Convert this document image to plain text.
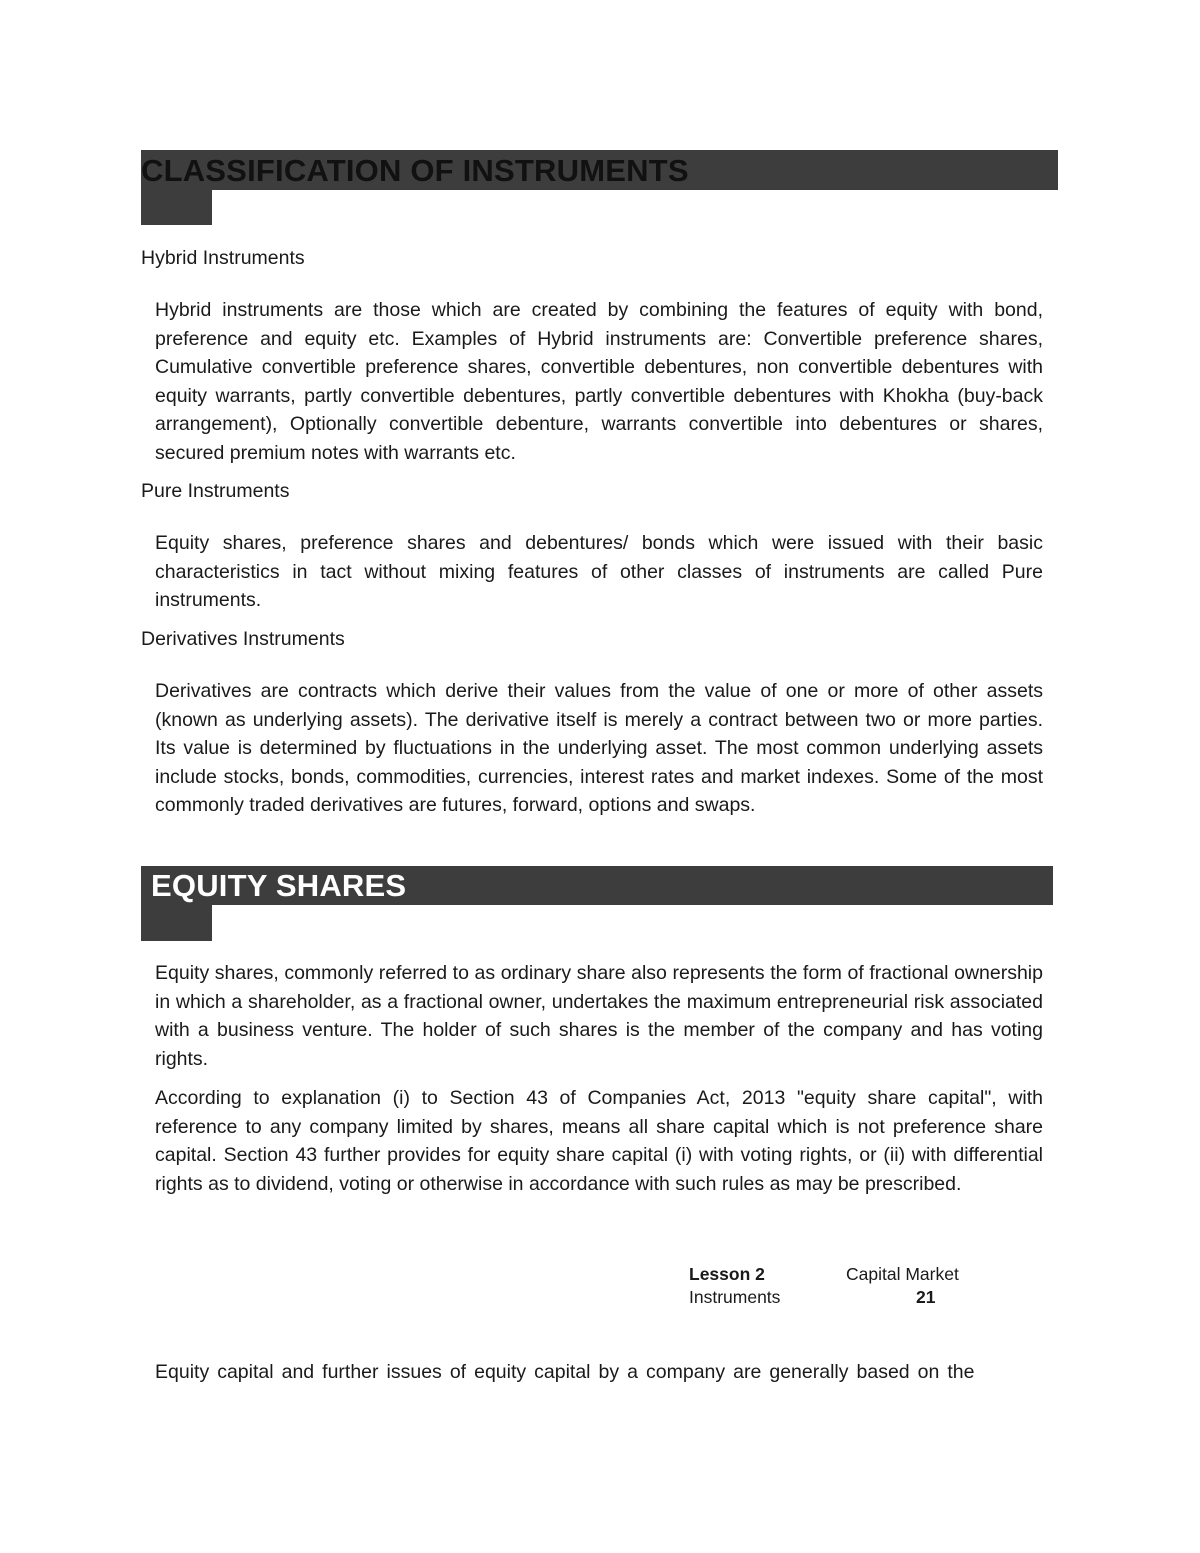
CLASSIFICATION OF INSTRUMENTS
Hybrid Instruments

Hybrid instruments are those which are created by combining the features of equity with bond, preference and equity etc. Examples of Hybrid instruments are: Convertible preference shares, Cumulative convertible preference shares, convertible debentures, non convertible debentures with equity warrants, partly convertible debentures, partly convertible debentures with Khokha (buy-back arrangement), Optionally convertible debenture, warrants convertible into debentures or shares, secured premium notes with warrants etc.

Pure Instruments

Equity shares, preference shares and debentures/ bonds which were issued with their basic characteristics in tact without mixing features of other classes of instruments are called Pure instruments.

Derivatives Instruments

Derivatives are contracts which derive their values from the value of one or more of other assets (known as underlying assets). The derivative itself is merely a contract between two or more parties. Its value is determined by fluctuations in the underlying asset. The most common underlying assets include stocks, bonds, commodities, currencies, interest rates and market indexes. Some of the most commonly traded derivatives are futures, forward, options and swaps.

EQUITY SHARES

Equity shares, commonly referred to as ordinary share also represents the form of fractional ownership in which a shareholder, as a fractional owner, undertakes the maximum entrepreneurial risk associated with a business venture. The holder of such shares is the member of the company and has voting rights.

According to explanation (i) to Section 43 of Companies Act, 2013 "equity share capital", with reference to any company limited by shares, means all share capital which is not preference share capital. Section 43 further provides for equity share capital (i) with voting rights, or (ii) with differential rights as to dividend, voting or otherwise in accordance with such rules as may be prescribed.

Lesson 2	Capital Market
Instruments	21

Equity capital and further issues of equity capital by a company are generally based on the
